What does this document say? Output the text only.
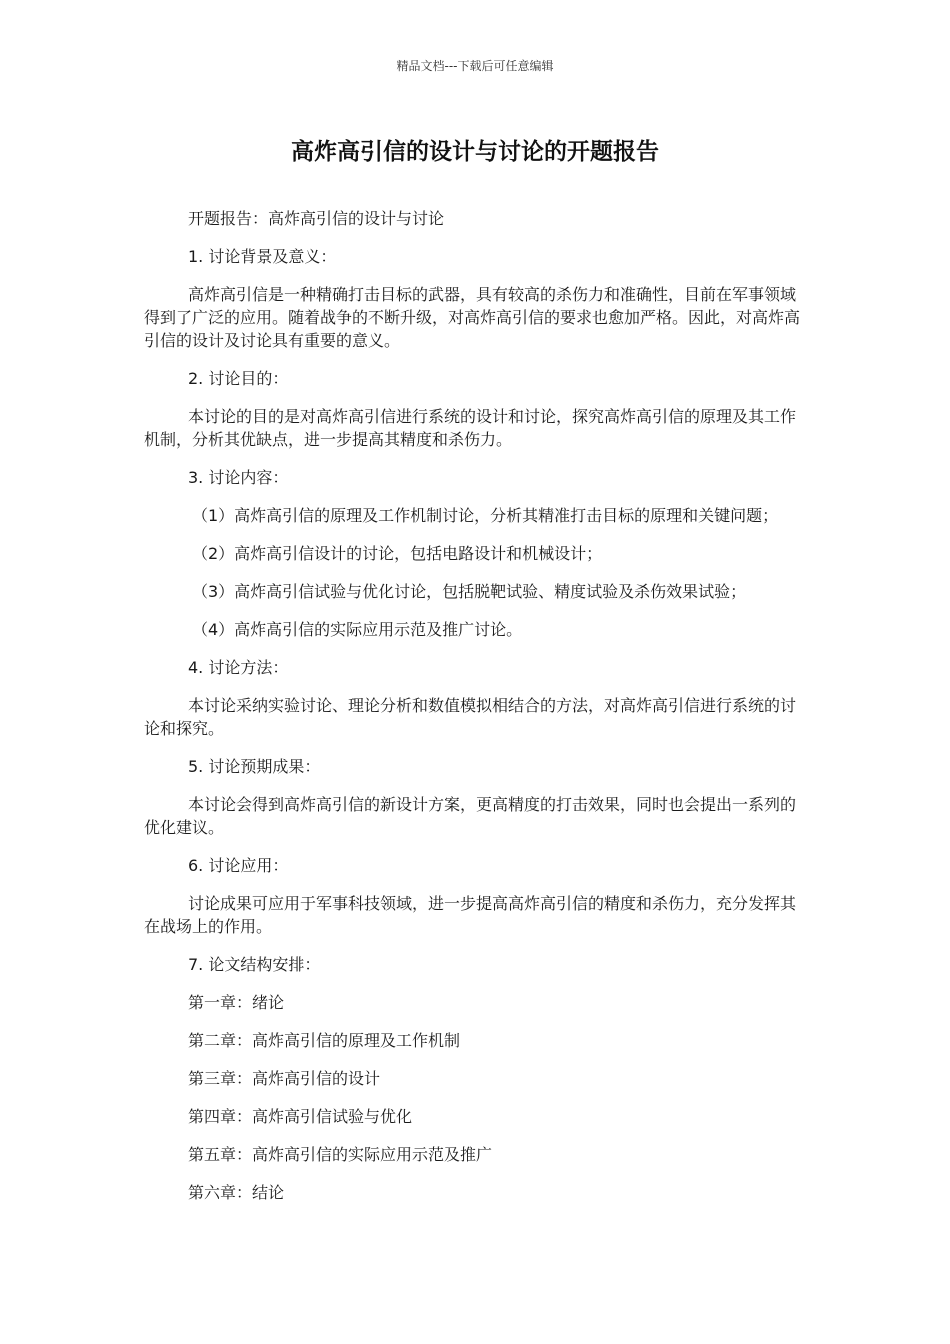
精品文档---下载后可任意编辑
高炸高引信的设计与讨论的开题报告

开题报告：高炸高引信的设计与讨论

1. 讨论背景及意义：

高炸高引信是一种精确打击目标的武器，具有较高的杀伤力和准确性，目前在军事领域得到了广泛的应用。随着战争的不断升级，对高炸高引信的要求也愈加严格。因此，对高炸高引信的设计及讨论具有重要的意义。

2. 讨论目的：

本讨论的目的是对高炸高引信进行系统的设计和讨论，探究高炸高引信的原理及其工作机制，分析其优缺点，进一步提高其精度和杀伤力。

3. 讨论内容：

（1）高炸高引信的原理及工作机制讨论，分析其精准打击目标的原理和关键问题；

（2）高炸高引信设计的讨论，包括电路设计和机械设计；

（3）高炸高引信试验与优化讨论，包括脱靶试验、精度试验及杀伤效果试验；

（4）高炸高引信的实际应用示范及推广讨论。

4. 讨论方法：

本讨论采纳实验讨论、理论分析和数值模拟相结合的方法，对高炸高引信进行系统的讨论和探究。

5. 讨论预期成果：

本讨论会得到高炸高引信的新设计方案，更高精度的打击效果，同时也会提出一系列的优化建议。

6. 讨论应用：

讨论成果可应用于军事科技领域，进一步提高高炸高引信的精度和杀伤力，充分发挥其在战场上的作用。

7. 论文结构安排：

第一章：绪论

第二章：高炸高引信的原理及工作机制

第三章：高炸高引信的设计

第四章：高炸高引信试验与优化

第五章：高炸高引信的实际应用示范及推广

第六章：结论
